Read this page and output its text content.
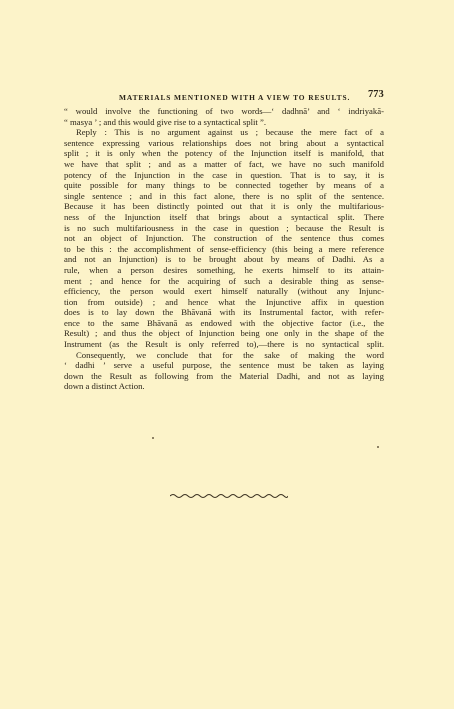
MATERIALS MENTIONED WITH A VIEW TO RESULTS. 773
“ would involve the functioning of two words—‘ dadhnā’ and ‘ indriyakā-
“ masya ’ ; and this would give rise to a syntactical split ”.
Reply : This is no argument against us ; because the mere fact of a
sentence expressing various relationships does not bring about a syntactical
split ; it is only when the potency of the Injunction itself is manifold, that
we have that split ; and as a matter of fact, we have no such manifold
potency of the Injunction in the case in question. That is to say, it is
quite possible for many things to be connected together by means of a
single sentence ; and in this fact alone, there is no split of the sentence.
Because it has been distinctly pointed out that it is only the multifarious-
ness of the Injunction itself that brings about a syntactical split. There
is no such multifariousness in the case in question ; because the Result is
not an object of Injunction. The construction of the sentence thus comes
to be this : the accomplishment of sense-efficiency (this being a mere reference
and not an Injunction) is to be brought about by means of Dadhi. As a
rule, when a person desires something, he exerts himself to its attain-
ment ; and hence for the acquiring of such a desirable thing as sense-
efficiency, the person would exert himself naturally (without any Injunc-
tion from outside) ; and hence what the Injunctive affix in question
does is to lay down the Bhāvanā with its Instrumental factor, with refer-
ence to the same Bhāvanā as endowed with the objective factor (i.e., the
Result) ; and thus the object of Injunction being one only in the shape of the
Instrument (as the Result is only referred to),—there is no syntactical split.
Consequently, we conclude that for the sake of making the word
‘ dadhi ’ serve a useful purpose, the sentence must be taken as laying
down the Result as following from the Material Dadhi, and not as laying
down a distinct Action.
